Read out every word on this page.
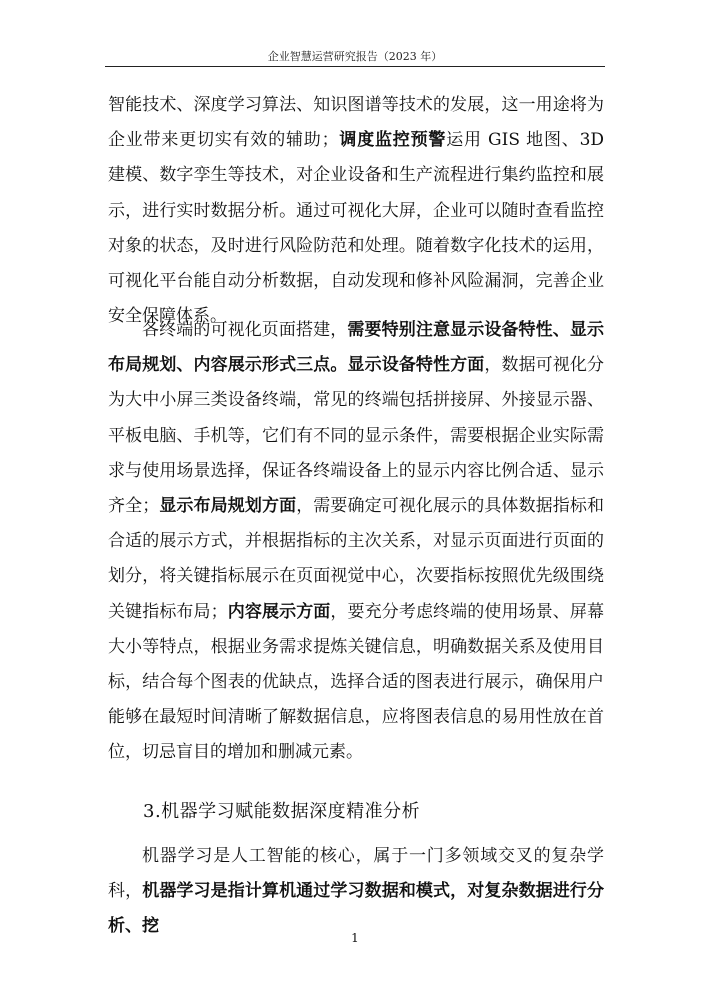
企业智慧运营研究报告（2023 年）
智能技术、深度学习算法、知识图谱等技术的发展，这一用途将为企业带来更切实有效的辅助；调度监控预警运用 GIS 地图、3D 建模、数字孪生等技术，对企业设备和生产流程进行集约监控和展示，进行实时数据分析。通过可视化大屏，企业可以随时查看监控对象的状态，及时进行风险防范和处理。随着数字化技术的运用，可视化平台能自动分析数据，自动发现和修补风险漏洞，完善企业安全保障体系。
各终端的可视化页面搭建，需要特别注意显示设备特性、显示布局规划、内容展示形式三点。显示设备特性方面，数据可视化分为大中小屏三类设备终端，常见的终端包括拼接屏、外接显示器、平板电脑、手机等，它们有不同的显示条件，需要根据企业实际需求与使用场景选择，保证各终端设备上的显示内容比例合适、显示齐全；显示布局规划方面，需要确定可视化展示的具体数据指标和合适的展示方式，并根据指标的主次关系，对显示页面进行页面的划分，将关键指标展示在页面视觉中心，次要指标按照优先级围绕关键指标布局；内容展示方面，要充分考虑终端的使用场景、屏幕大小等特点，根据业务需求提炼关键信息，明确数据关系及使用目标，结合每个图表的优缺点，选择合适的图表进行展示，确保用户能够在最短时间清晰了解数据信息，应将图表信息的易用性放在首位，切忌盲目的增加和删减元素。
3.机器学习赋能数据深度精准分析
机器学习是人工智能的核心，属于一门多领域交叉的复杂学科，机器学习是指计算机通过学习数据和模式，对复杂数据进行分析、挖
1
